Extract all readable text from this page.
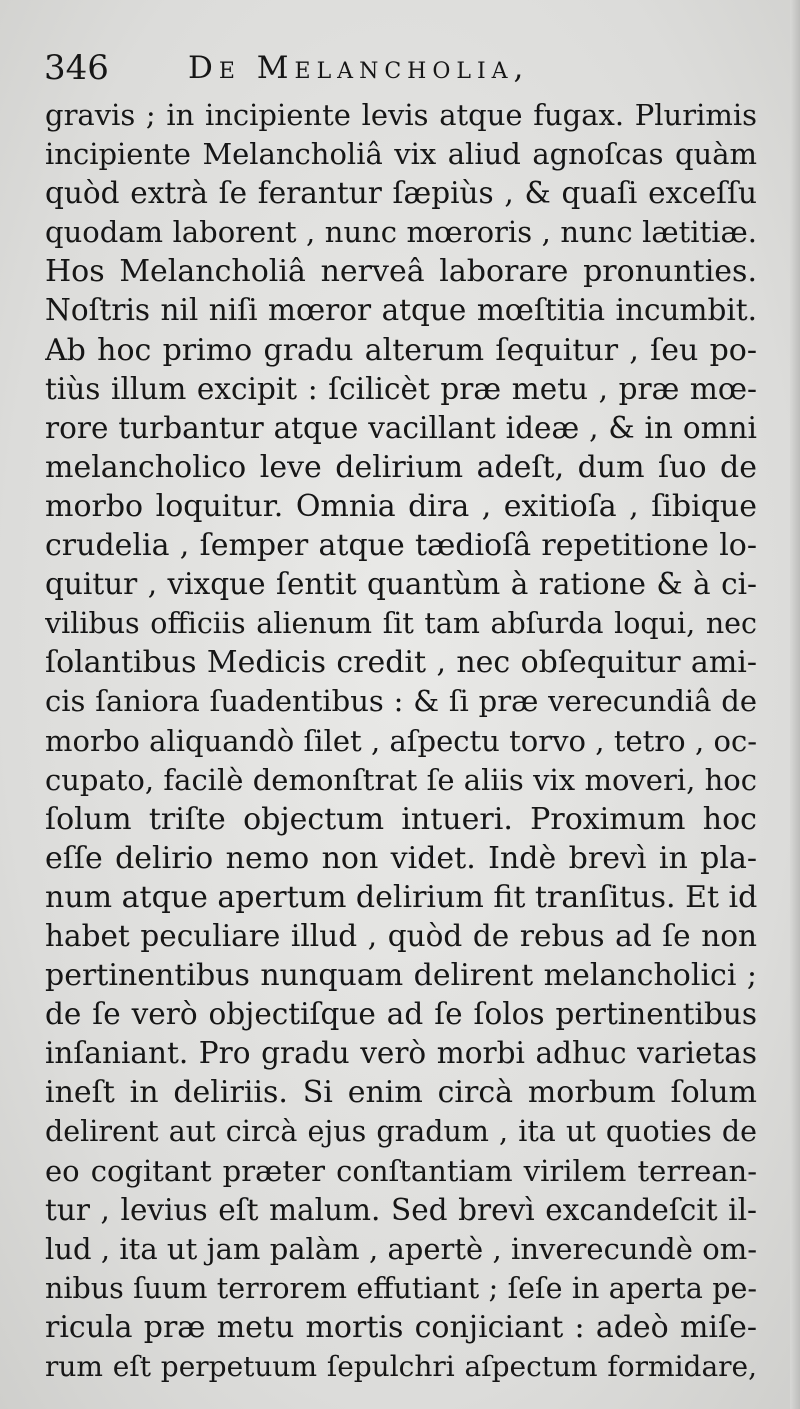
346	De Melancholia,
gravis ; in incipiente levis atque fugax. Plurimis
incipiente Melancholiâ vix aliud agnoſcas quàm
quòd extrà ſe ferantur ſæpiùs , & quaſi exceſſu
quodam laborent , nunc mœroris , nunc lætitiæ.
Hos Melancholiâ nerveâ laborare pronunties.
Noſtris nil niſi mœror atque mœſtitia incumbit.
Ab hoc primo gradu alterum ſequitur , ſeu po-
tiùs illum excipit : ſcilicèt præ metu , præ mœ-
rore turbantur atque vacillant ideæ , & in omni
melancholico leve delirium adeſt, dum ſuo de
morbo loquitur. Omnia dira , exitioſa , ſibique
crudelia , ſemper atque tædioſâ repetitione lo-
quitur , vixque ſentit quantùm à ratione & à ci-
vilibus officiis alienum ſit tam abſurda loqui, nec
ſolantibus Medicis credit , nec obſequitur ami-
cis ſaniora ſuadentibus : & ſi præ verecundiâ de
morbo aliquandò ſilet , aſpectu torvo , tetro , oc-
cupato, facilè demonſtrat ſe aliis vix moveri, hoc
ſolum triſte objectum intueri. Proximum hoc
eſſe delirio nemo non videt. Indè brevì in pla-
num atque apertum delirium fit tranſitus. Et id
habet peculiare illud , quòd de rebus ad ſe non
pertinentibus nunquam delirent melancholici ;
de ſe verò objectiſque ad ſe ſolos pertinentibus
inſaniant. Pro gradu verò morbi adhuc varietas
ineſt in deliriis. Si enim circà morbum ſolum
delirent aut circà ejus gradum , ita ut quoties de
eo cogitant præter conſtantiam virilem terrean-
tur , levius eſt malum. Sed brevì excandeſcit il-
lud , ita ut jam palàm , apertè , inverecundè om-
nibus ſuum terrorem effutiant ; ſeſe in aperta pe-
ricula præ metu mortis conjiciant : adeò miſe-
rum eſt perpetuum ſepulchri aſpectum formidare,
